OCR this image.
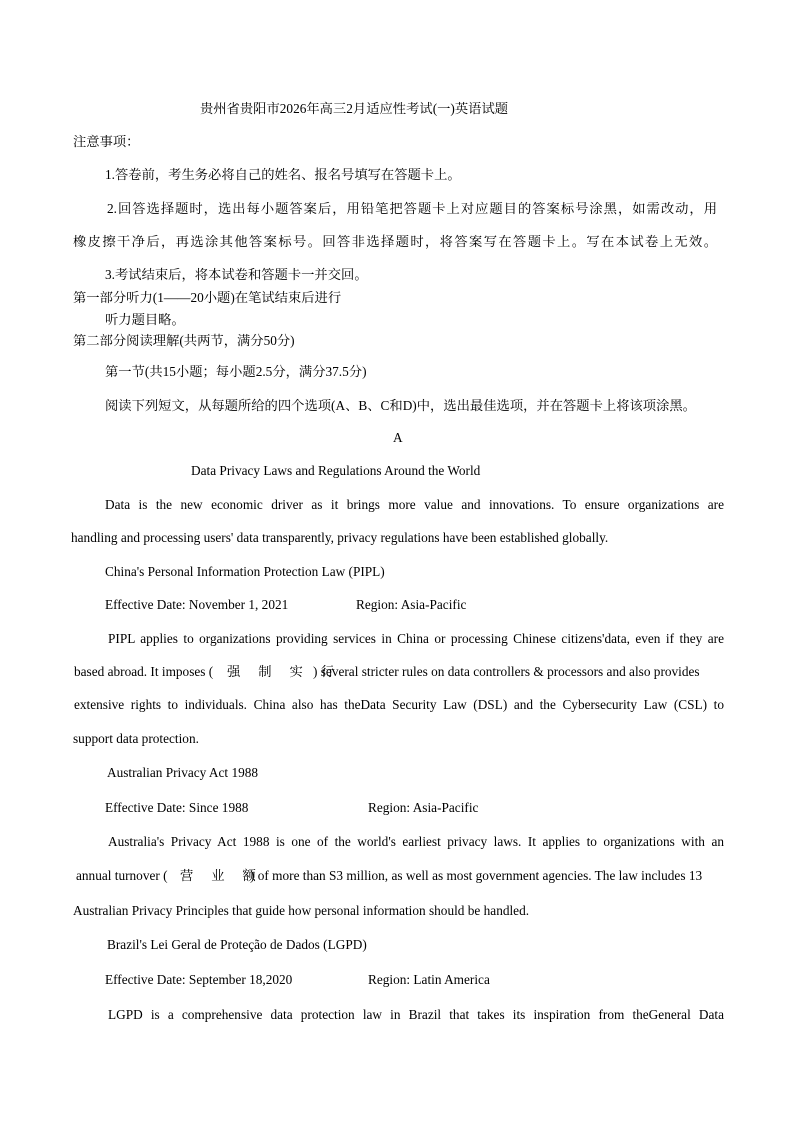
贵州省贵阳市2026年高三2月适应性考试(一)英语试题
注意事项：
1.答卷前，考生务必将自己的姓名、报名号填写在答题卡上。
2.回答选择题时，选出每小题答案后，用铅笔把答题卡上对应题目的答案标号涂黑，如需改动，用
橡皮擦干净后，再选涂其他答案标号。回答非选择题时，将答案写在答题卡上。写在本试卷上无效。
3.考试结束后，将本试卷和答题卡一并交回。
第一部分听力(1——20小题)在笔试结束后进行
听力题目略。
第二部分阅读理解(共两节，满分50分)
第一节(共15小题；每小题2.5分，满分37.5分)
阅读下列短文，从每题所给的四个选项(A、B、C和D)中，选出最佳选项，并在答题卡上将该项涂黑。
A
Data Privacy Laws and Regulations Around the World
Data is the new economic driver as it brings more value and innovations. To ensure organizations are
handling and processing users' data transparently, privacy regulations have been established globally.
China's Personal Information Protection Law (PIPL)
Effective Date: November 1, 2021	Region: Asia-Pacific
PIPL applies to organizations providing services in China or processing Chinese citizens'data, even if they are
based abroad. It imposes ( 强 制 实 行
) several stricter rules on data controllers & processors and also provides
extensive rights to individuals. China also has theData Security Law (DSL) and the Cybersecurity Law (CSL) to
support data protection.
Australian Privacy Act 1988
Effective Date: Since 1988	Region: Asia-Pacific
Australia's Privacy Act 1988 is one of the world's earliest privacy laws. It applies to organizations with an
annual turnover ( 营 业 额
) of more than S3 million, as well as most government agencies. The law includes 13
Australian Privacy Principles that guide how personal information should be handled.
Brazil's Lei Geral de Proteção de Dados (LGPD)
Effective Date: September 18,2020	Region: Latin America
LGPD is a comprehensive data protection law in Brazil that takes its inspiration from theGeneral Data
